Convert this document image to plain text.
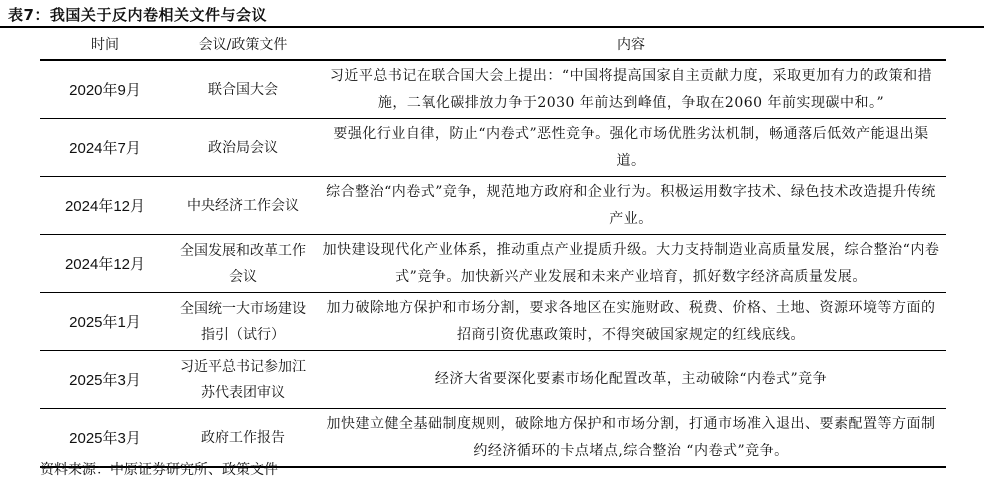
表7：我国关于反内卷相关文件与会议
时间	会议/政策文件	内容
2020年9月	联合国大会	习近平总书记在联合国大会上提出：“中国将提高国家自主贡献力度，采取更加有力的政策和措施，二氧化碳排放力争于2030 年前达到峰值，争取在2060 年前实现碳中和。”
2024年7月	政治局会议	要强化行业自律，防止“内卷式”恶性竞争。强化市场优胜劣汰机制，畅通落后低效产能退出渠道。
2024年12月	中央经济工作会议	综合整治“内卷式”竞争，规范地方政府和企业行为。积极运用数字技术、绿色技术改造提升传统产业。
2024年12月	全国发展和改革工作会议	加快建设现代化产业体系，推动重点产业提质升级。大力支持制造业高质量发展，综合整治“内卷式”竞争。加快新兴产业发展和未来产业培育，抓好数字经济高质量发展。
2025年1月	全国统一大市场建设指引（试行）	加力破除地方保护和市场分割，要求各地区在实施财政、税费、价格、土地、资源环境等方面的招商引资优惠政策时，不得突破国家规定的红线底线。
2025年3月	习近平总书记参加江苏代表团审议	经济大省要深化要素市场化配置改革，主动破除“内卷式”竞争
2025年3月	政府工作报告	加快建立健全基础制度规则，破除地方保护和市场分割，打通市场准入退出、要素配置等方面制约经济循环的卡点堵点,综合整治 “内卷式”竞争。
资料来源：中原证券研究所、政策文件
